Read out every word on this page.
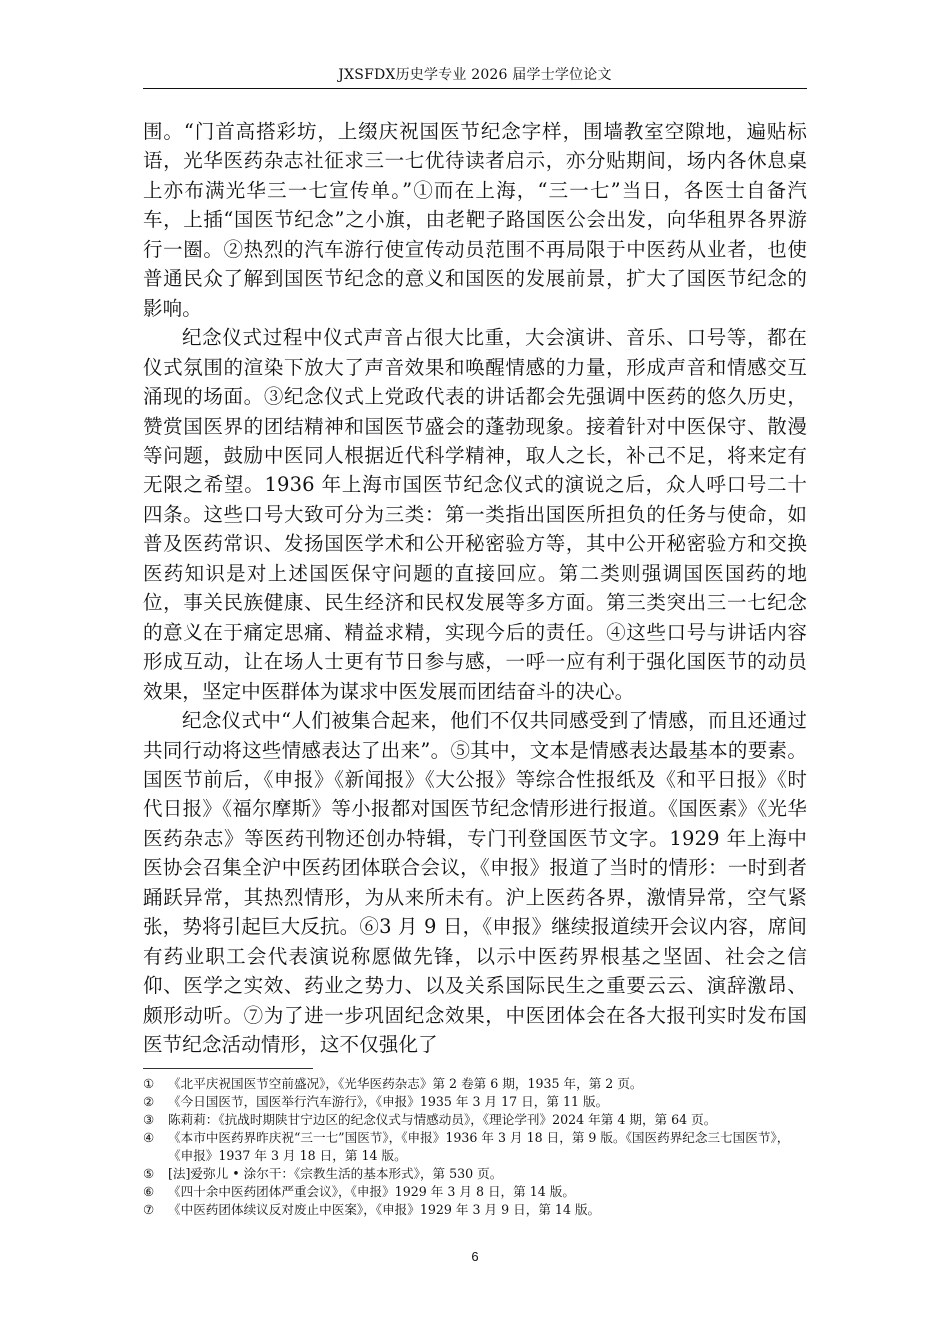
JXSFDX历史学专业 2026 届学士学位论文

围。“门首高搭彩坊，上缀庆祝国医节纪念字样，围墙教室空隙地，遍贴标语，光华医药杂志社征求三一七优待读者启示，亦分贴期间，场内各休息桌上亦布满光华三一七宣传单。”①而在上海，“三一七”当日，各医士自备汽车，上插“国医节纪念”之小旗，由老靶子路国医公会出发，向华租界各界游行一圈。②热烈的汽车游行使宣传动员范围不再局限于中医药从业者，也使普通民众了解到国医节纪念的意义和国医的发展前景，扩大了国医节纪念的影响。

纪念仪式过程中仪式声音占很大比重，大会演讲、音乐、口号等，都在仪式氛围的渲染下放大了声音效果和唤醒情感的力量，形成声音和情感交互涌现的场面。③纪念仪式上党政代表的讲话都会先强调中医药的悠久历史，赞赏国医界的团结精神和国医节盛会的蓬勃现象。接着针对中医保守、散漫等问题，鼓励中医同人根据近代科学精神，取人之长，补己不足，将来定有无限之希望。1936 年上海市国医节纪念仪式的演说之后，众人呼口号二十四条。这些口号大致可分为三类：第一类指出国医所担负的任务与使命，如普及医药常识、发扬国医学术和公开秘密验方等，其中公开秘密验方和交换医药知识是对上述国医保守问题的直接回应。第二类则强调国医国药的地位，事关民族健康、民生经济和民权发展等多方面。第三类突出三一七纪念的意义在于痛定思痛、精益求精，实现今后的责任。④这些口号与讲话内容形成互动，让在场人士更有节日参与感，一呼一应有利于强化国医节的动员效果，坚定中医群体为谋求中医发展而团结奋斗的决心。

纪念仪式中“人们被集合起来，他们不仅共同感受到了情感，而且还通过共同行动将这些情感表达了出来”。⑤其中，文本是情感表达最基本的要素。国医节前后，《申报》《新闻报》《大公报》等综合性报纸及《和平日报》《时代日报》《福尔摩斯》等小报都对国医节纪念情形进行报道。《国医素》《光华医药杂志》等医药刊物还创办特辑，专门刊登国医节文字。1929 年上海中医协会召集全沪中医药团体联合会议，《申报》报道了当时的情形：一时到者踊跃异常，其热烈情形，为从来所未有。沪上医药各界，激情异常，空气紧张，势将引起巨大反抗。⑥3 月 9 日，《申报》继续报道续开会议内容，席间有药业职工会代表演说称愿做先锋，以示中医药界根基之坚固、社会之信仰、医学之实效、药业之势力、以及关系国际民生之重要云云、演辞激昂、颇形动听。⑦为了进一步巩固纪念效果，中医团体会在各大报刊实时发布国医节纪念活动情形，这不仅强化了

①	《北平庆祝国医节空前盛况》，《光华医药杂志》第 2 卷第 6 期，1935 年，第 2 页。
②	《今日国医节，国医举行汽车游行》，《申报》1935 年 3 月 17 日，第 11 版。
③	陈莉莉：《抗战时期陕甘宁边区的纪念仪式与情感动员》，《理论学刊》2024 年第 4 期，第 64 页。
④	《本市中医药界昨庆祝“三一七”国医节》，《申报》1936 年 3 月 18 日，第 9 版。《国医药界纪念三七国医节》，《申报》1937 年 3 月 18 日，第 14 版。
⑤	[法]爱弥儿 • 涂尔干：《宗教生活的基本形式》，第 530 页。
⑥	《四十余中医药团体严重会议》，《申报》1929 年 3 月 8 日，第 14 版。
⑦	《中医药团体续议反对废止中医案》，《申报》1929 年 3 月 9 日，第 14 版。
6
